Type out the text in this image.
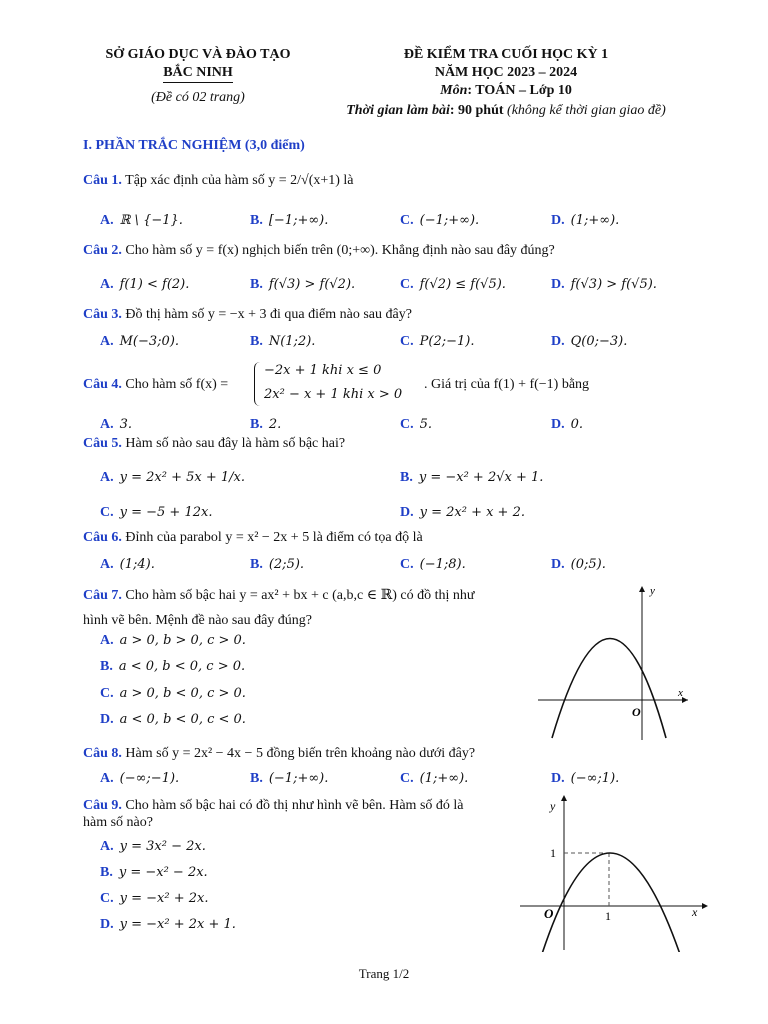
SỞ GIÁO DỤC VÀ ĐÀO TẠO
BẮC NINH
(Đề có 02 trang)
ĐỀ KIỂM TRA CUỐI HỌC KỲ 1
NĂM HỌC 2023 – 2024
Môn: TOÁN – Lớp 10
Thời gian làm bài: 90 phút (không kể thời gian giao đề)
I. PHẦN TRẮC NGHIỆM (3,0 điểm)
Câu 1. Tập xác định của hàm số y = 2/√(x+1) là
A. ℝ \ {−1}.	B. [−1;+∞).	C. (−1;+∞).	D. (1;+∞).
Câu 2. Cho hàm số y = f(x) nghịch biến trên (0;+∞). Khẳng định nào sau đây đúng?
A. f(1) < f(2).	B. f(√3) > f(√2).	C. f(√2) ≤ f(√5).	D. f(√3) > f(√5).
Câu 3. Đồ thị hàm số y = −x + 3 đi qua điểm nào sau đây?
A. M(−3;0).	B. N(1;2).	C. P(2;−1).	D. Q(0;−3).
Câu 4. Cho hàm số f(x) =
−2x + 1 khi x ≤ 0
2x² − x + 1 khi x > 0
. Giá trị của f(1) + f(−1) bằng
A. 3.	B. 2.	C. 5.	D. 0.
Câu 5. Hàm số nào sau đây là hàm số bậc hai?
A. y = 2x² + 5x + 1/x.	B. y = −x² + 2√x + 1.
C. y = −5 + 12x.	D. y = 2x² + x + 2.
Câu 6. Đỉnh của parabol y = x² − 2x + 5 là điểm có tọa độ là
A. (1;4).	B. (2;5).	C. (−1;8).	D. (0;5).
Câu 7. Cho hàm số bậc hai y = ax² + bx + c (a,b,c ∈ ℝ) có đồ thị như
hình vẽ bên. Mệnh đề nào sau đây đúng?
A. a > 0, b > 0, c > 0.
B. a < 0, b < 0, c > 0.
C. a > 0, b < 0, c > 0.
D. a < 0, b < 0, c < 0.
x
y
O
Câu 8. Hàm số y = 2x² − 4x − 5 đồng biến trên khoảng nào dưới đây?
A. (−∞;−1).	B. (−1;+∞).	C. (1;+∞).	D. (−∞;1).
Câu 9. Cho hàm số bậc hai có đồ thị như hình vẽ bên. Hàm số đó là
hàm số nào?
A. y = 3x² − 2x.
B. y = −x² − 2x.
C. y = −x² + 2x.
D. y = −x² + 2x + 1.
x
y
O	1
1
Trang 1/2
